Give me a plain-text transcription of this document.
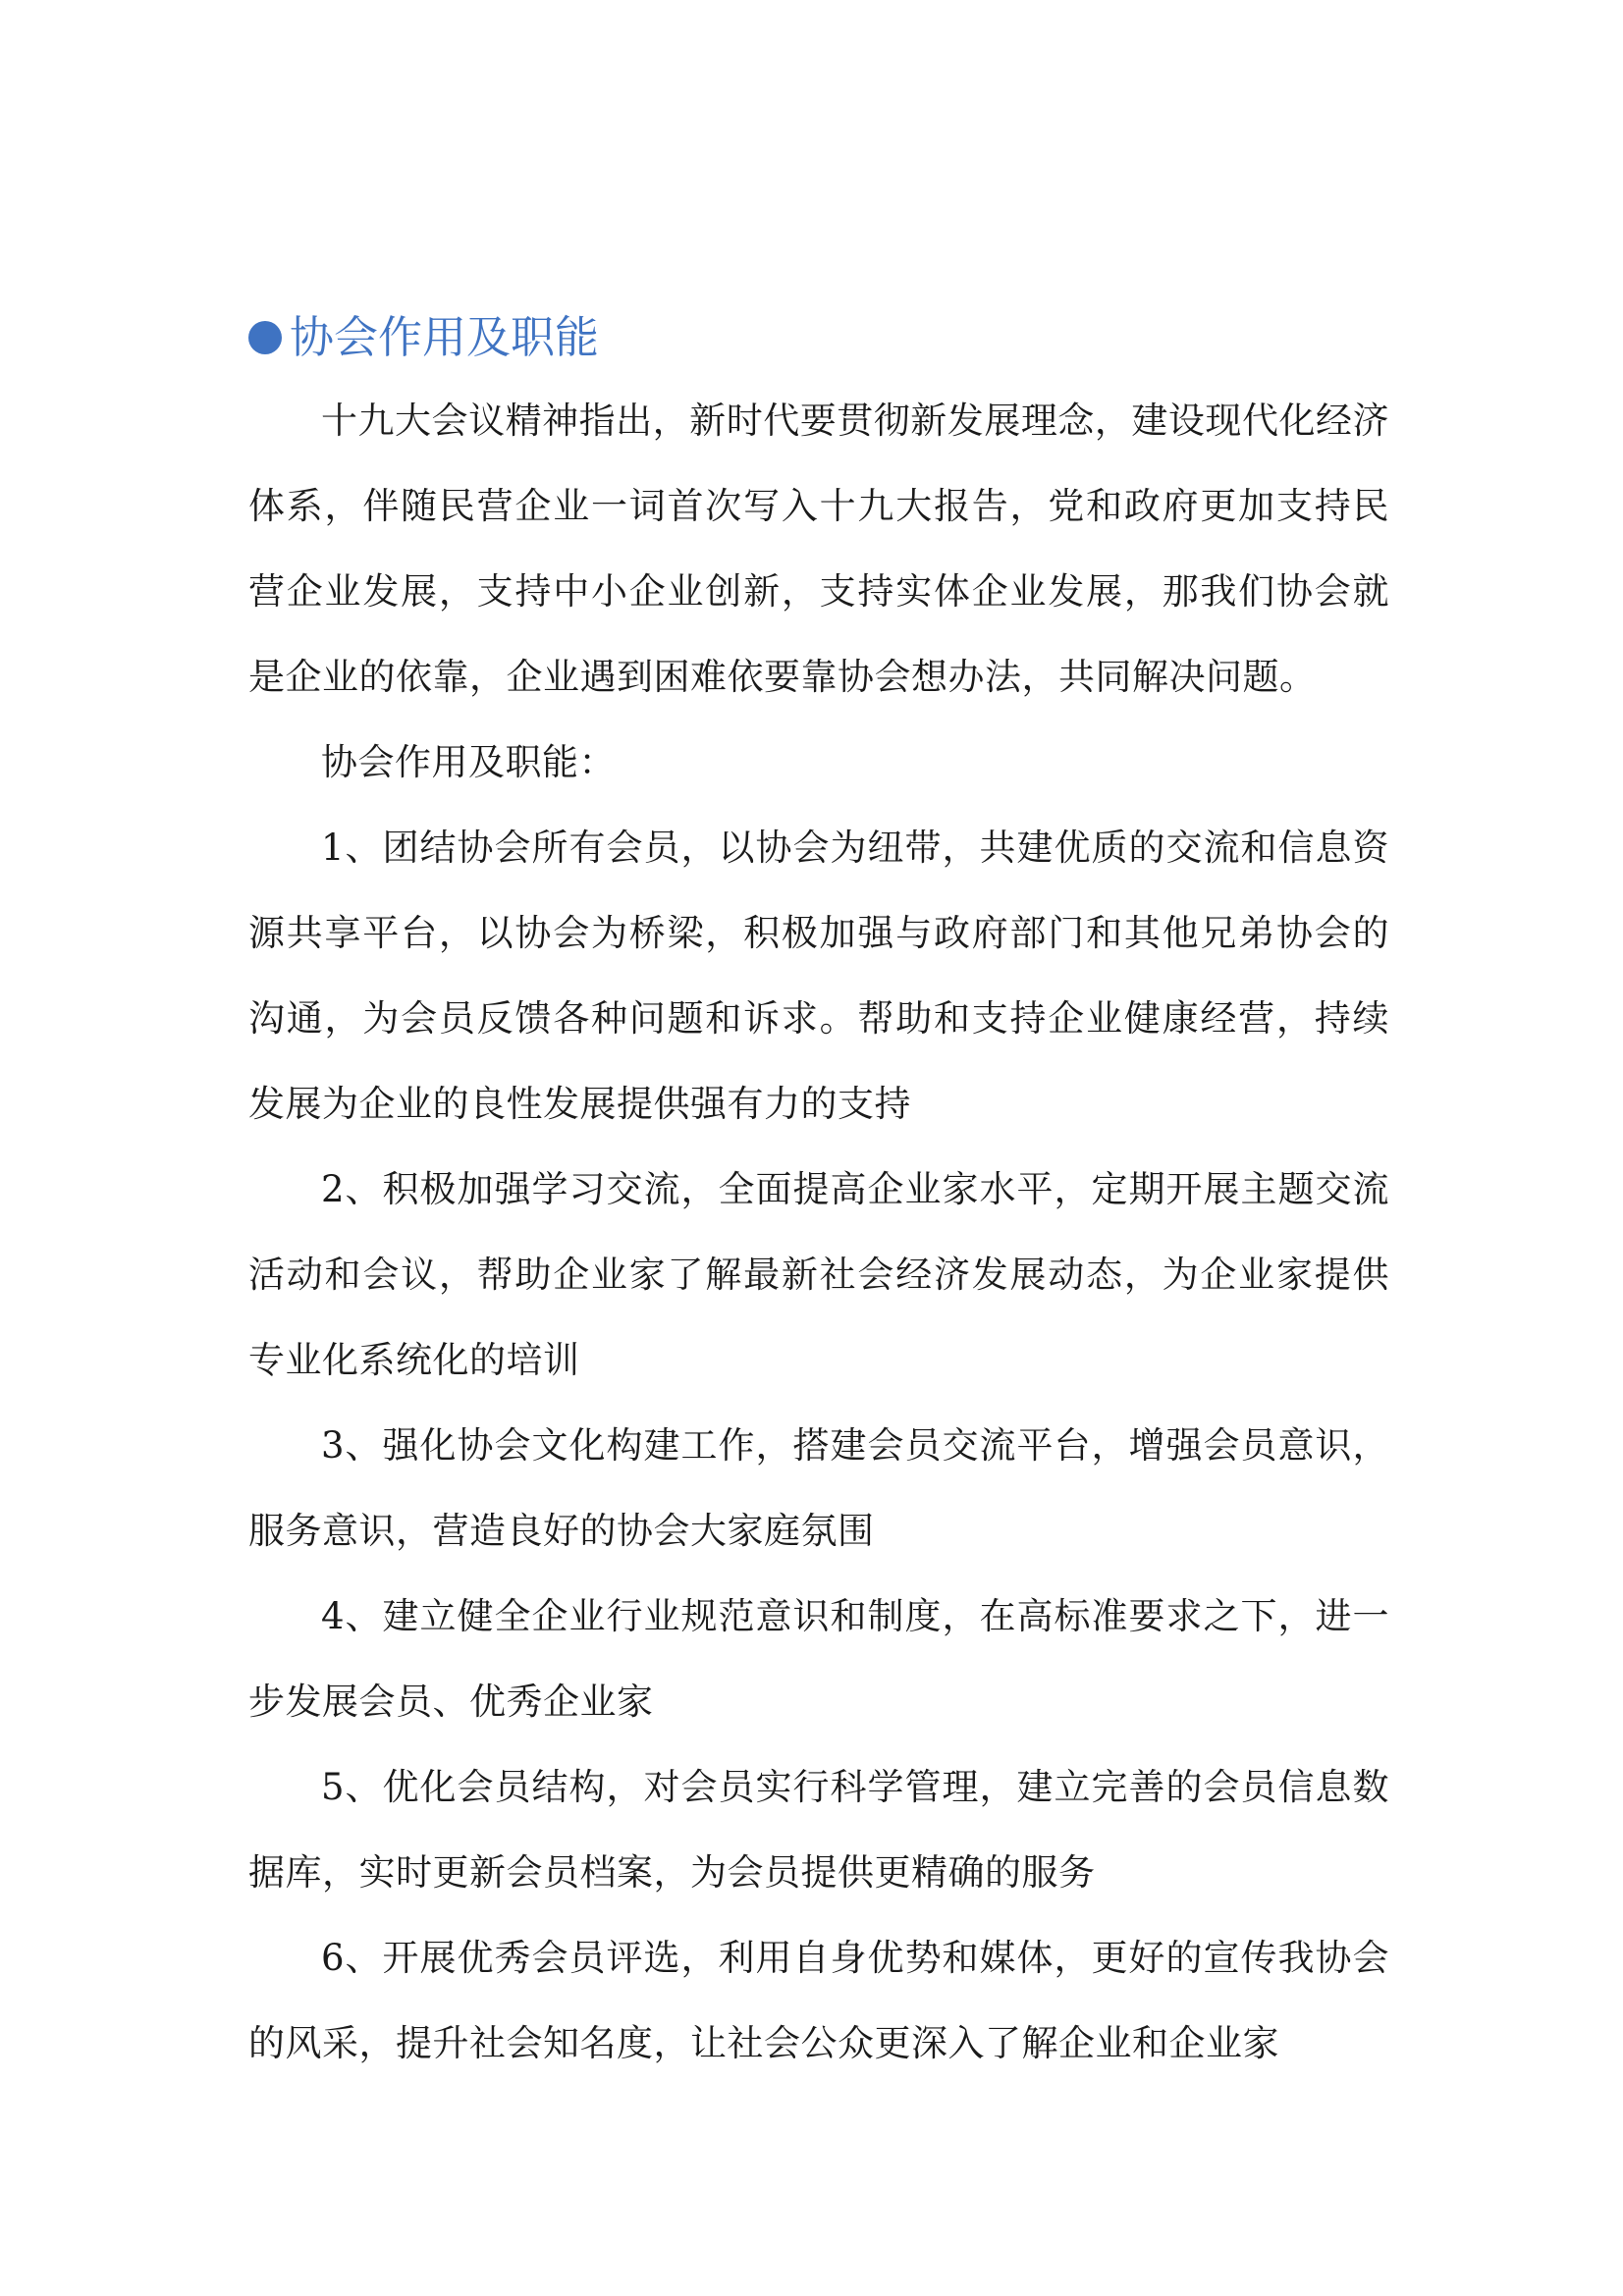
协会作用及职能

十九大会议精神指出，新时代要贯彻新发展理念，建设现代化经济体系，伴随民营企业一词首次写入十九大报告，党和政府更加支持民营企业发展，支持中小企业创新，支持实体企业发展，那我们协会就是企业的依靠，企业遇到困难依要靠协会想办法，共同解决问题。

协会作用及职能：

1、团结协会所有会员，以协会为纽带，共建优质的交流和信息资源共享平台，以协会为桥梁，积极加强与政府部门和其他兄弟协会的沟通，为会员反馈各种问题和诉求。帮助和支持企业健康经营，持续发展为企业的良性发展提供强有力的支持

2、积极加强学习交流，全面提高企业家水平，定期开展主题交流活动和会议，帮助企业家了解最新社会经济发展动态，为企业家提供专业化系统化的培训

3、强化协会文化构建工作，搭建会员交流平台，增强会员意识，服务意识，营造良好的协会大家庭氛围

4、建立健全企业行业规范意识和制度，在高标准要求之下，进一步发展会员、优秀企业家

5、优化会员结构，对会员实行科学管理，建立完善的会员信息数据库，实时更新会员档案，为会员提供更精确的服务

6、开展优秀会员评选，利用自身优势和媒体，更好的宣传我协会的风采，提升社会知名度，让社会公众更深入了解企业和企业家
